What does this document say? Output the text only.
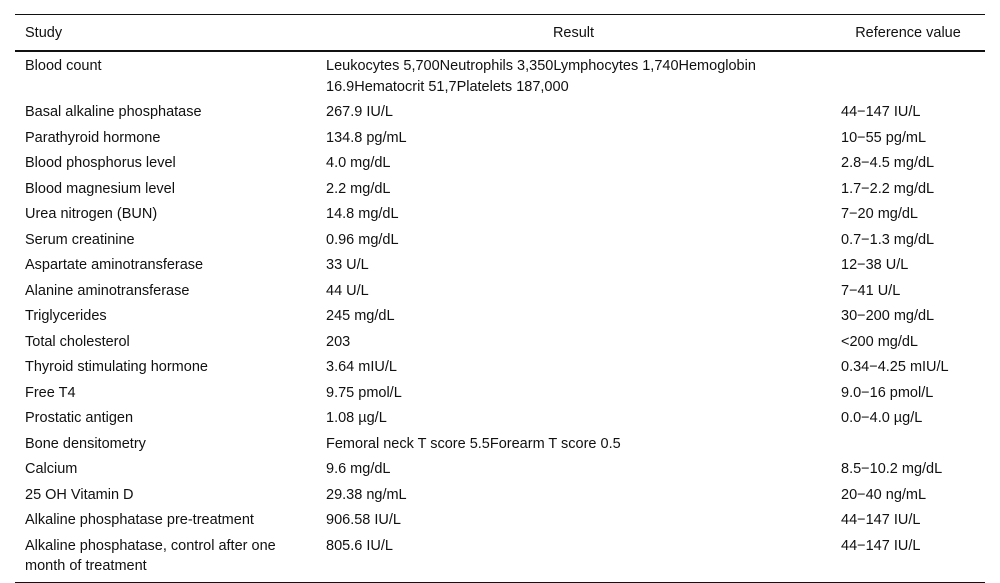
Study	Result	Reference value
Blood count	Leukocytes 5,700Neutrophils 3,350Lymphocytes 1,740Hemoglobin 16.9Hematocrit 51,7Platelets 187,000	
Basal alkaline phosphatase	267.9 IU/L	44−147 IU/L
Parathyroid hormone	134.8 pg/mL	10−55 pg/mL
Blood phosphorus level	4.0 mg/dL	2.8−4.5 mg/dL
Blood magnesium level	2.2 mg/dL	1.7−2.2 mg/dL
Urea nitrogen (BUN)	14.8 mg/dL	7−20 mg/dL
Serum creatinine	0.96 mg/dL	0.7−1.3 mg/dL
Aspartate aminotransferase	33 U/L	12−38 U/L
Alanine aminotransferase	44 U/L	7−41 U/L
Triglycerides	245 mg/dL	30−200 mg/dL
Total cholesterol	203	<200 mg/dL
Thyroid stimulating hormone	3.64 mIU/L	0.34−4.25 mIU/L
Free T4	9.75 pmol/L	9.0−16 pmol/L
Prostatic antigen	1.08 µg/L	0.0−4.0 µg/L
Bone densitometry	Femoral neck T score 5.5Forearm T score 0.5	
Calcium	9.6 mg/dL	8.5−10.2 mg/dL
25 OH Vitamin D	29.38 ng/mL	20−40 ng/mL
Alkaline phosphatase pre-treatment	906.58 IU/L	44−147 IU/L
Alkaline phosphatase, control after one month of treatment	805.6 IU/L	44−147 IU/L
